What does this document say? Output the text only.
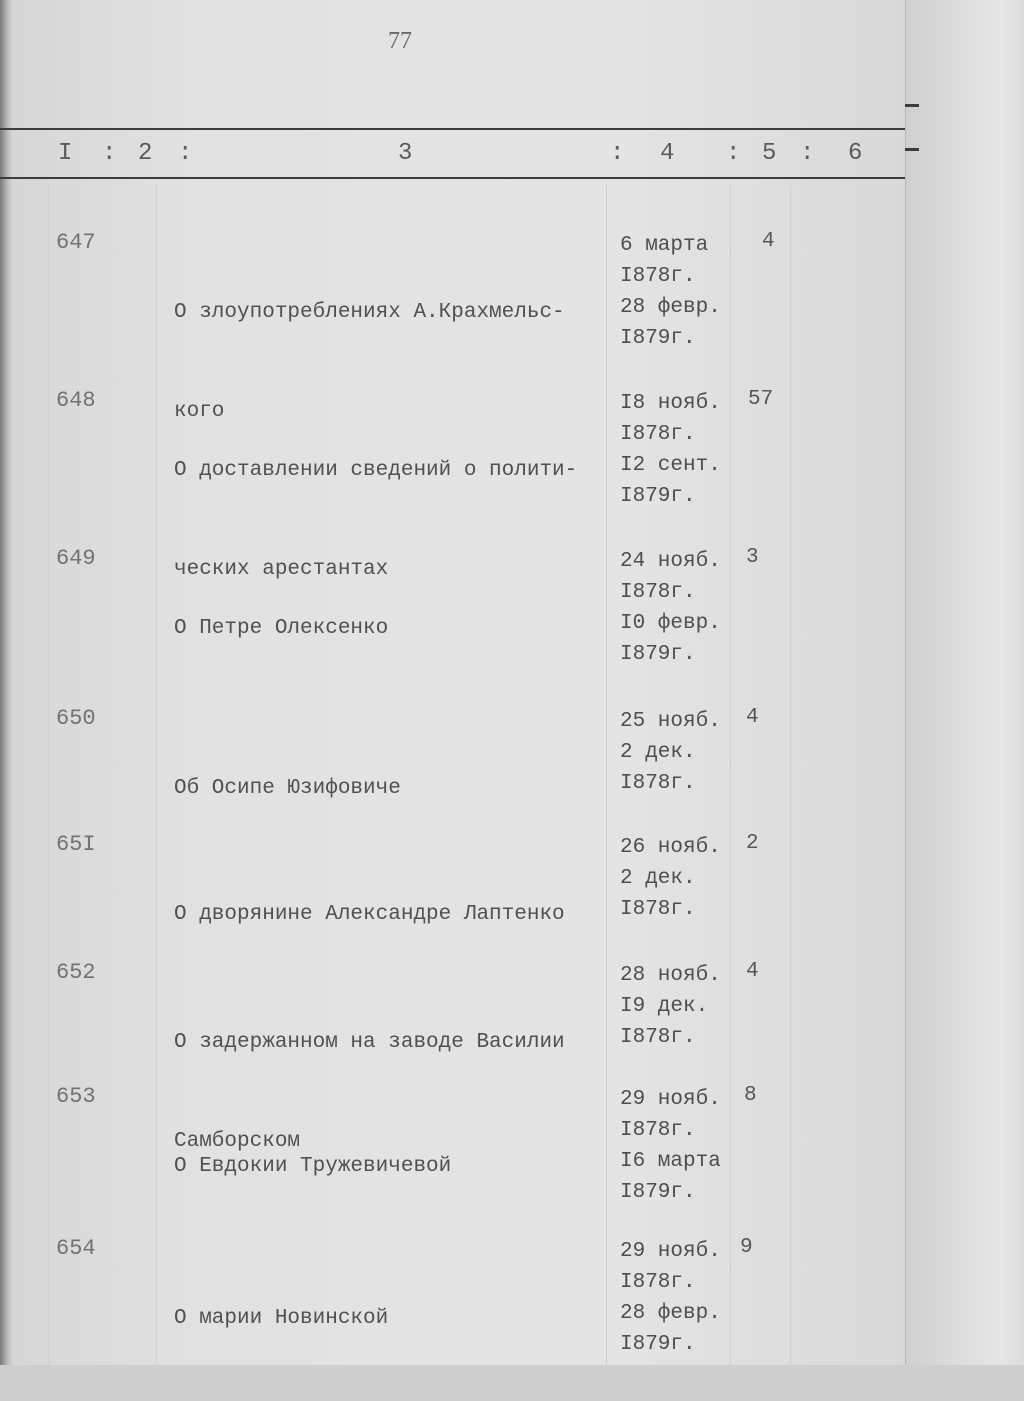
77
I : 2 :	3	: 4 : 5 : 6
647

О злоупотреблениях А.Крахмельс-

кого

6 марта
I878г.
28 февр.
I879г.
4
648

О доставлении сведений о полити-

ческих арестантах

I8 нояб.
I878г.
I2 сент.
I879г.
57
649

О Петре Олексенко

24 нояб.
I878г.
I0 февр.
I879г.
3
650

Об Осипе Юзифовиче

25 нояб.
2 дек.
I878г.
4
65I

О дворянине Александре Лаптенко

26 нояб.
2 дек.
I878г.
2
652

О задержанном на заводе Василии

Самборском

28 нояб.
I9 дек.
I878г.
4
653

О Евдокии Тружевичевой

29 нояб.
I878г.
I6 марта
I879г.
8
654

О марии Новинской

29 нояб.
I878г.
28 февр.
I879г.
9
